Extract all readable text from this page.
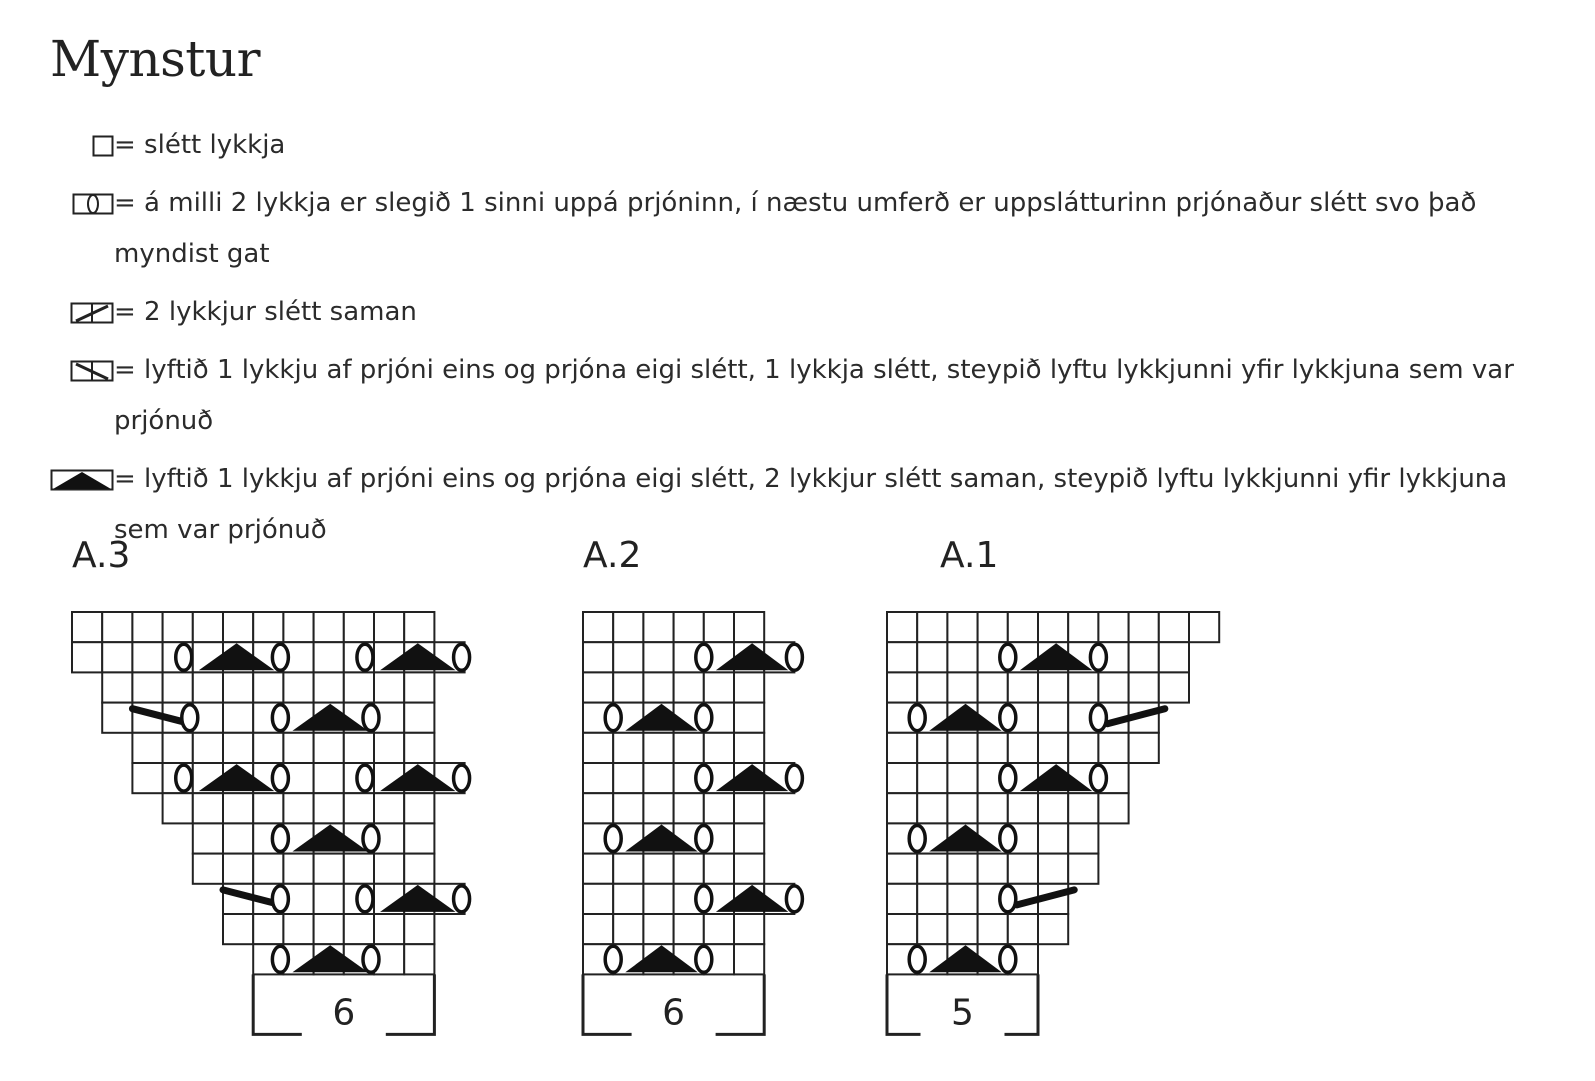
Mynstur
= slétt lykkja
= á milli 2 lykkja er slegið 1 sinni uppá prjóninn, í næstu umferð er uppslátturinn prjónaður slétt svo það myndist gat
= 2 lykkjur slétt saman
= lyftið 1 lykkju af prjóni eins og prjóna eigi slétt, 1 lykkja slétt, steypið lyftu lykkjunni yfir lykkjuna sem var prjónuð
= lyftið 1 lykkju af prjóni eins og prjóna eigi slétt, 2 lykkjur slétt saman, steypið lyftu lykkjunni yfir lykkjuna sem var prjónuð
A.3
6
A.2
6
A.1
5
